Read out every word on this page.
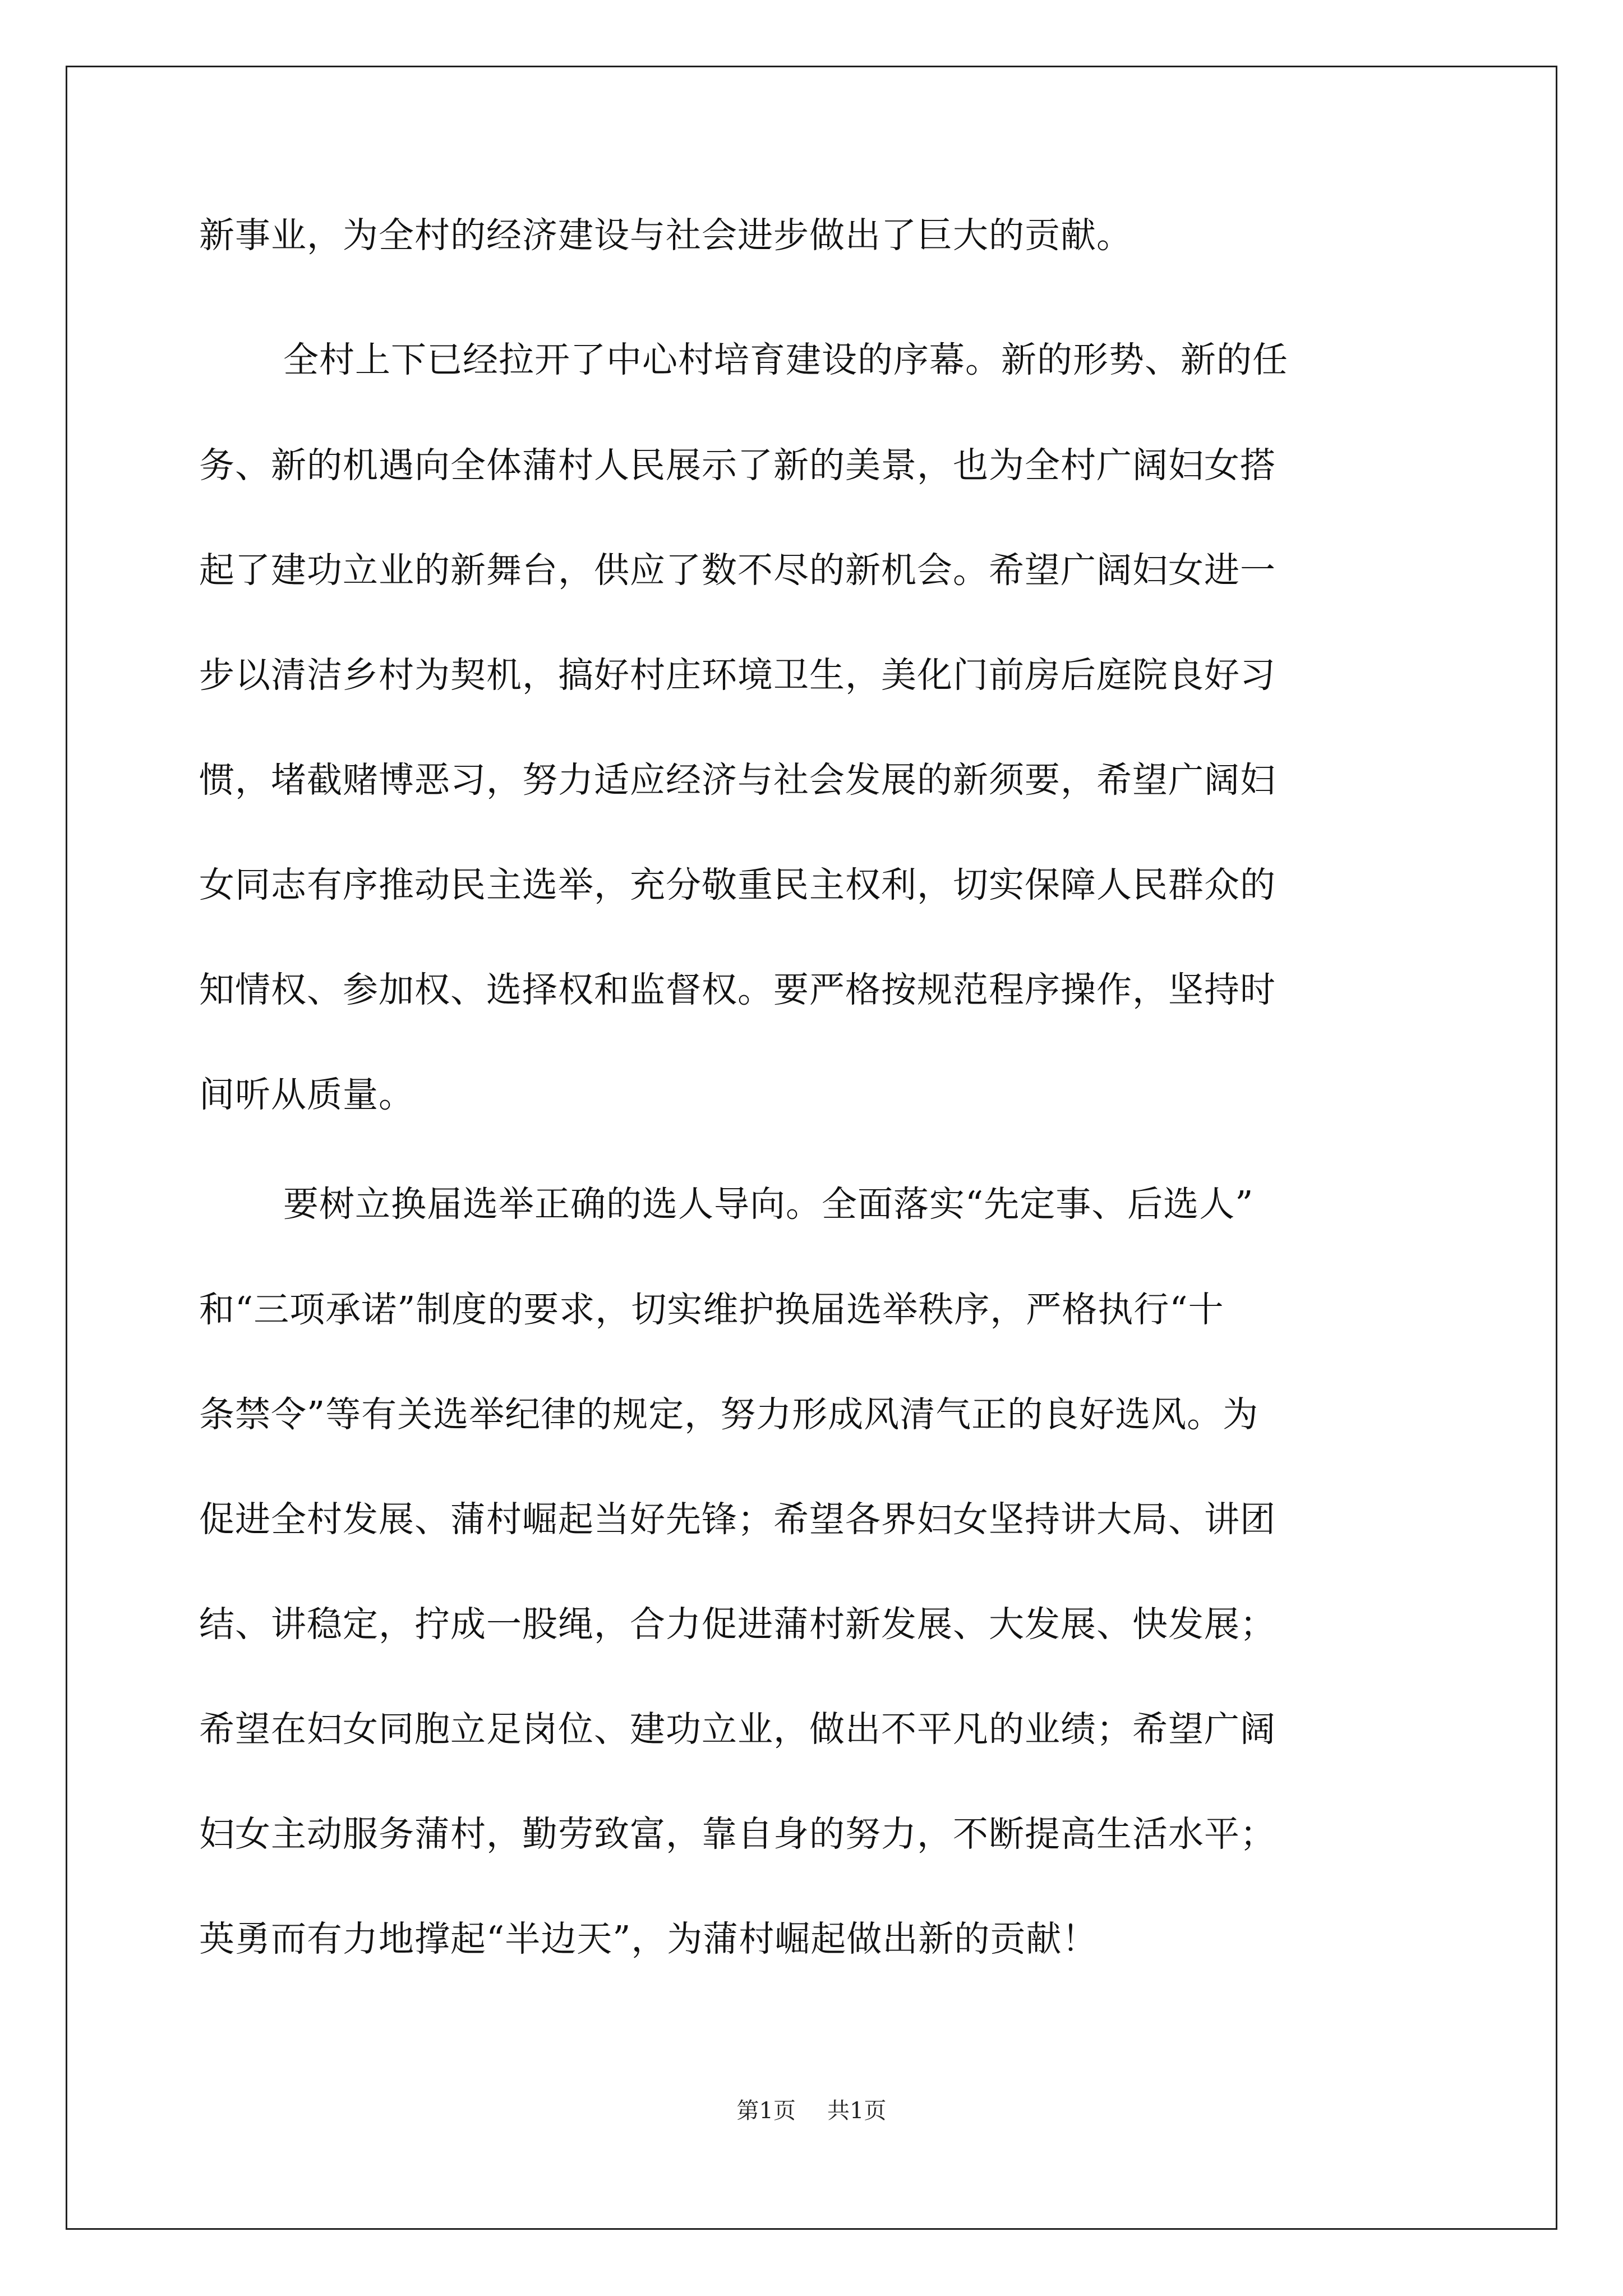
新事业，为全村的经济建设与社会进步做出了巨大的贡献。
全村上下已经拉开了中心村培育建设的序幕。新的形势、新的任
务、新的机遇向全体蒲村人民展示了新的美景，也为全村广阔妇女搭
起了建功立业的新舞台，供应了数不尽的新机会。希望广阔妇女进一
步以清洁乡村为契机，搞好村庄环境卫生，美化门前房后庭院良好习
惯，堵截赌博恶习，努力适应经济与社会发展的新须要，希望广阔妇
女同志有序推动民主选举，充分敬重民主权利，切实保障人民群众的
知情权、参加权、选择权和监督权。要严格按规范程序操作，坚持时
间听从质量。
要树立换届选举正确的选人导向。全面落实“先定事、后选人”
和“三项承诺”制度的要求，切实维护换届选举秩序，严格执行“十
条禁令”等有关选举纪律的规定，努力形成风清气正的良好选风。为
促进全村发展、蒲村崛起当好先锋；希望各界妇女坚持讲大局、讲团
结、讲稳定，拧成一股绳，合力促进蒲村新发展、大发展、快发展；
希望在妇女同胞立足岗位、建功立业，做出不平凡的业绩；希望广阔
妇女主动服务蒲村，勤劳致富，靠自身的努力，不断提高生活水平；
英勇而有力地撑起“半边天”，为蒲村崛起做出新的贡献！
第1页 共1页
